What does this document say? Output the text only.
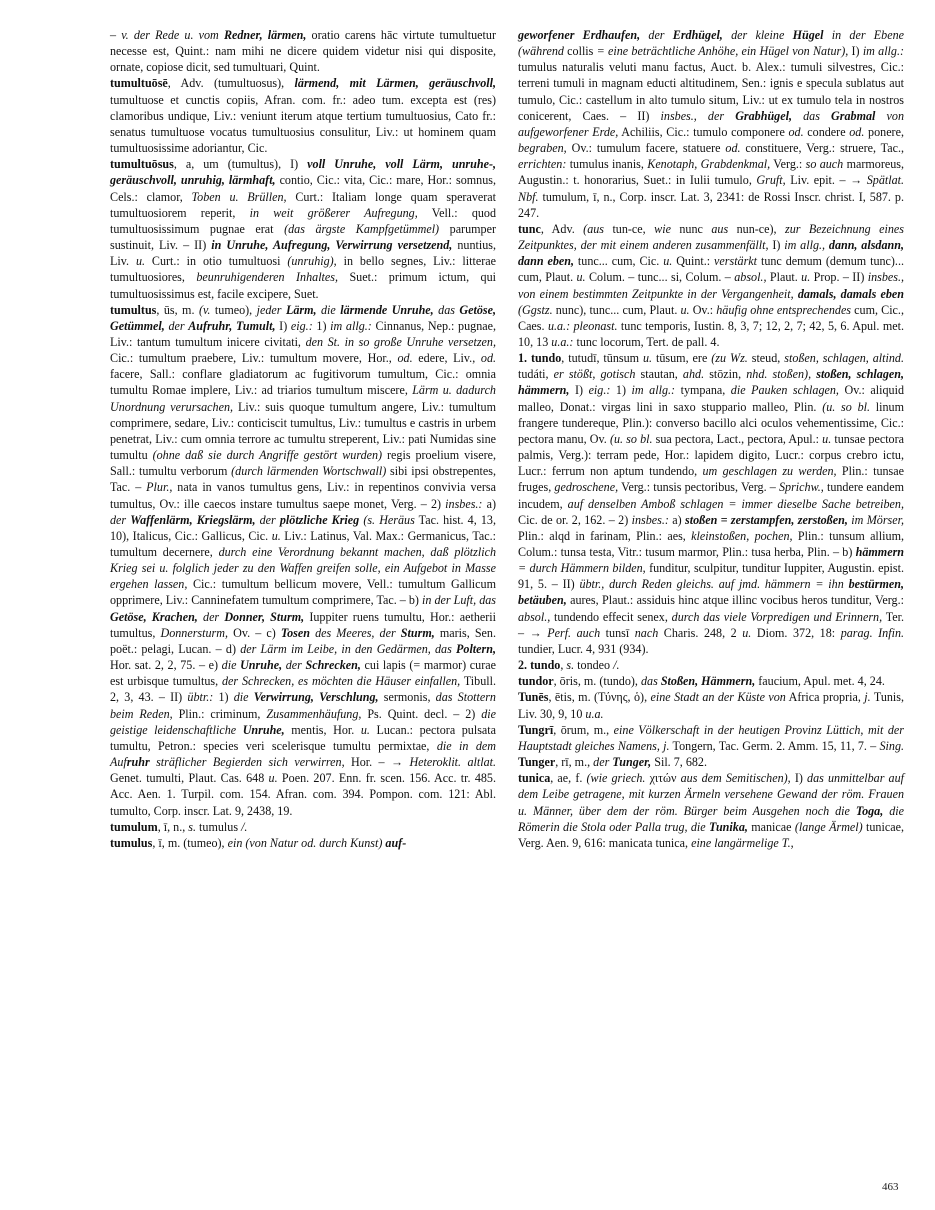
– v. der Rede u. vom Redner, lärmen, oratio carens hāc virtute tumultuetur necesse est, Quint.: nam mihi ne dicere quidem videtur nisi qui disposite, ornate, copiose dicit, sed tumultuari, Quint.

tumultuōsē, Adv. (tumultuosus), lärmend, mit Lärmen, geräuschvoll, tumultuose et cunctis copiis, Afran. com. fr.: adeo tum. excepta est (res) clamoribus undique, Liv.: veniunt iterum atque tertium tumultuosius, Cato fr.: senatus tumultuose vocatus tumultuosius consulitur, Liv.: ut hominem quam tumultuosissime adoriantur, Cic.

tumultuōsus, a, um (tumultus), I) voll Unruhe, voll Lärm, unruhe-, geräuschvoll, unruhig, lärmhaft, contio, Cic.: vita, Cic.: mare, Hor.: somnus, Cels.: clamor, Toben u. Brüllen, Curt.: Italiam longe quam speraverat tumultuosiorem reperit, in weit größerer Aufregung, Vell.: quod tumultuosissimum pugnae erat (das ärgste Kampfgetümmel) parumper sustinuit, Liv. – II) in Unruhe, Aufregung, Verwirrung versetzend, nuntius, Liv. u. Curt.: in otio tumultuosi (unruhig), in bello segnes, Liv.: litterae tumultuosiores, beunruhigenderen Inhaltes, Suet.: primum ictum, qui tumultuosissimus est, facile excipere, Suet.

tumultus, ūs, m. (v. tumeo), jeder Lärm, die lärmende Unruhe, das Getöse, Getümmel, der Aufruhr, Tumult, I) eig.: 1) im allg.: Cinnanus, Nep.: pugnae, Liv.: tantum tumultum inicere civitati, den St. in so große Unruhe versetzen, Cic.: tumultum praebere, Liv.: tumultum movere, Hor., od. edere, Liv., od. facere, Sall.: conflare gladiatorum ac fugitivorum tumultum, Cic.: omnia tumultu Romae implere, Liv.: ad triarios tumultum miscere, Lärm u. dadurch Unordnung verursachen, Liv.: suis quoque tumultum angere, Liv.: tumultum comprimere, sedare, Liv.: conticiscit tumultus, Liv.: tumultus e castris in urbem penetrat, Liv.: cum omnia terrore ac tumultu streperent, Liv.: pati Numidas sine tumultu (ohne daß sie durch Angriffe gestört wurden) regis proelium visere, Sall.: tumultu verborum (durch lärmenden Wortschwall) sibi ipsi obstrepentes, Tac. – Plur., nata in vanos tumultus gens, Liv.: in repentinos convivia versa tumultus, Ov.: ille caecos instare tumultus saepe monet, Verg. – 2) insbes.: a) der Waffenlärm, Kriegslärm, der plötzliche Krieg (s. Heräus Tac. hist. 4, 13, 10), Italicus, Cic.: Gallicus, Cic. u. Liv.: Latinus, Val. Max.: Germanicus, Tac.: tumultum decernere, durch eine Verordnung bekannt machen, daß plötzlich Krieg sei u. folglich jeder zu den Waffen greifen solle, ein Aufgebot in Masse ergehen lassen, Cic.: tumultum bellicum movere, Vell.: tumultum Gallicum opprimere, Liv.: Canninefatem tumultum comprimere, Tac. – b) in der Luft, das Getöse, Krachen, der Donner, Sturm, Iuppiter ruens tumultu, Hor.: aetherii tumultus, Donnersturm, Ov. – c) Tosen des Meeres, der Sturm, maris, Sen. poët.: pelagi, Lucan. – d) der Lärm im Leibe, in den Gedärmen, das Poltern, Hor. sat. 2, 2, 75. – e) die Unruhe, der Schrecken, cui lapis (= marmor) curae est urbisque tumultus, der Schrecken, es möchten die Häuser einfallen, Tibull. 2, 3, 43. – II) übtr.: 1) die Verwirrung, Verschlung, sermonis, das Stottern beim Reden, Plin.: criminum, Zusammenhäufung, Ps. Quint. decl. – 2) die geistige leidenschaftliche Unruhe, mentis, Hor. u. Lucan.: pectora pulsata tumultu, Petron.: species veri scelerisque tumultu permixtae, die in dem Aufruhr sträflicher Begierden sich verwirren, Hor. – → Heteroklit. altlat. Genet. tumulti, Plaut. Cas. 648 u. Poen. 207. Enn. fr. scen. 156. Acc. tr. 485. Acc. Aen. 1. Turpil. com. 154. Afran. com. 394. Pompon. com. 121: Abl. tumulto, Corp. inscr. Lat. 9, 2438, 19.

tumulum, ī, n., s. tumulus /.

tumulus, ī, m. (tumeo), ein (von Natur od. durch Kunst) auf-

geworfener Erdhaufen, der Erdhügel, der kleine Hügel in der Ebene (während collis = eine beträchtliche Anhöhe, ein Hügel von Natur), I) im allg.: tumulus naturalis veluti manu factus, Auct. b. Alex.: tumuli silvestres, Cic.: terreni tumuli in magnam educti altitudinem, Sen.: ignis e specula sublatus aut tumulo, Cic.: castellum in alto tumulo situm, Liv.: ut ex tumulo tela in nostros conicerent, Caes. – II) insbes., der Grabhügel, das Grabmal von aufgeworfener Erde, Achiliis, Cic.: tumulo componere od. condere od. ponere, begraben, Ov.: tumulum facere, statuere od. constituere, Verg.: struere, Tac., errichten: tumulus inanis, Kenotaph, Grabdenkmal, Verg.: so auch marmoreus, Augustin.: t. honorarius, Suet.: in Iulii tumulo, Gruft, Liv. epit. – → Spätlat. Nbf. tumulum, ī, n., Corp. inscr. Lat. 3, 2341: de Rossi Inscr. christ. I, 587. p. 247.

tunc, Adv. (aus tun-ce, wie nunc aus nun-ce), zur Bezeichnung eines Zeitpunktes, der mit einem anderen zusammenfällt, I) im allg., dann, alsdann, dann eben, tunc... cum, Cic. u. Quint.: verstärkt tunc demum (demum tunc)... cum, Plaut. u. Colum. – tunc... si, Colum. – absol., Plaut. u. Prop. – II) insbes., von einem bestimmten Zeitpunkte in der Vergangenheit, damals, damals eben (Ggstz. nunc), tunc... cum, Plaut. u. Ov.: häufig ohne entsprechendes cum, Cic., Caes. u.a.: pleonast. tunc temporis, Iustin. 8, 3, 7; 12, 2, 7; 42, 5, 6. Apul. met. 10, 13 u.a.: tunc locorum, Tert. de pall. 4.

1. tundo, tutudī, tūnsum u. tūsum, ere (zu Wz. steud, stoßen, schlagen, altind. tudáti, er stößt, gotisch stautan, ahd. stōzin, nhd. stoßen), stoßen, schlagen, hämmern, I) eig.: 1) im allg.: tympana, die Pauken schlagen, Ov.: aliquid malleo, Donat.: virgas lini in saxo stuppario malleo, Plin. (u. so bl. linum frangere tundereque, Plin.): converso bacillo alci oculos vehementissime, Cic.: pectora manu, Ov. (u. so bl. sua pectora, Lact., pectora, Apul.: u. tunsae pectora palmis, Verg.): terram pede, Hor.: lapidem digito, Lucr.: corpus crebro ictu, Lucr.: ferrum non aptum tundendo, um geschlagen zu werden, Plin.: tunsae fruges, gedroschene, Verg.: tunsis pectoribus, Verg. – Sprichw., tundere eandem incudem, auf denselben Amboß schlagen = immer dieselbe Sache betreiben, Cic. de or. 2, 162. – 2) insbes.: a) stoßen = zerstampfen, zerstoßen, im Mörser, Plin.: alqd in farinam, Plin.: aes, kleinstoßen, pochen, Plin.: tunsum allium, Colum.: tunsa testa, Vitr.: tusum marmor, Plin.: tusa herba, Plin. – b) hämmern = durch Hämmern bilden, funditur, sculpitur, tunditur Iuppiter, Augustin. epist. 91, 5. – II) übtr., durch Reden gleichs. auf jmd. hämmern = ihn bestürmen, betäuben, aures, Plaut.: assiduis hinc atque illinc vocibus heros tunditur, Verg.: absol., tundendo effecit senex, durch das viele Vorpredigen und Erinnern, Ter. – → Perf. auch tunsī nach Charis. 248, 2 u. Diom. 372, 18: parag. Infin. tundier, Lucr. 4, 931 (934).

2. tundo, s. tondeo /.

tundor, ōris, m. (tundo), das Stoßen, Hämmern, faucium, Apul. met. 4, 24.

Tunēs, ētis, m. (Τύνης, ὁ), eine Stadt an der Küste von Africa propria, j. Tunis, Liv. 30, 9, 10 u.a.

Tungrī, ōrum, m., eine Völkerschaft in der heutigen Provinz Lüttich, mit der Hauptstadt gleiches Namens, j. Tongern, Tac. Germ. 2. Amm. 15, 11, 7. – Sing. Tunger, rī, m., der Tunger, Sil. 7, 682.

tunica, ae, f. (wie griech. χιτών aus dem Semitischen), I) das unmittelbar auf dem Leibe getragene, mit kurzen Ärmeln versehene Gewand der röm. Frauen u. Männer, über dem der röm. Bürger beim Ausgehen noch die Toga, die Römerin die Stola oder Palla trug, die Tunika, manicae (lange Ärmel) tunicae, Verg. Aen. 9, 616: manicata tunica, eine langärmelige T.,

463
